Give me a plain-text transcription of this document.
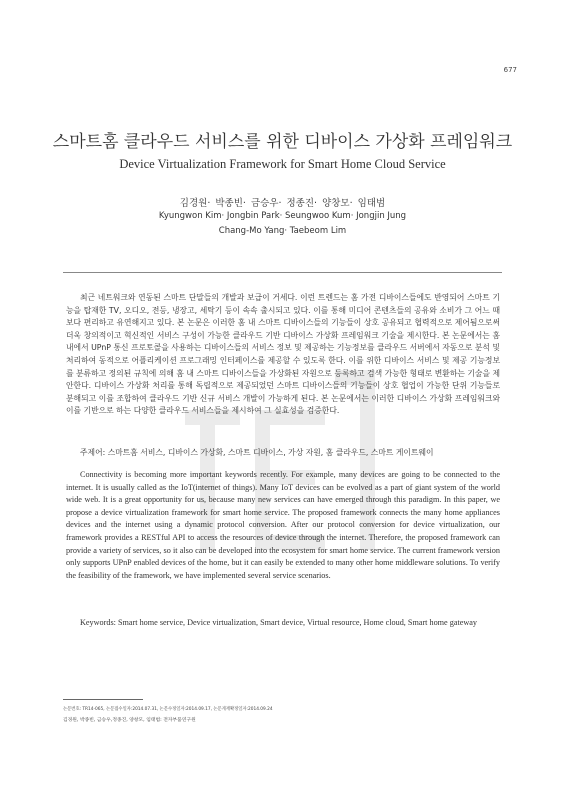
677
스마트홈 클라우드 서비스를 위한 디바이스 가상화 프레임워크
Device Virtualization Framework for Smart Home Cloud Service
김경원· 박종빈· 금승우· 정종진· 양창모· 임태범
Kyungwon Kim· Jongbin Park· Seungwoo Kum· Jongjin Jung
Chang-Mo Yang· Taebeom Lim
최근 네트워크와 연동된 스마트 단말들의 개발과 보급이 거세다. 이런 트렌드는 홈 가전 디바이스들에도 반영되어 스마트 기능을 탑재한 TV, 오디오, 전등, 냉장고, 세탁기 등이 속속 출시되고 있다. 이를 통해 미디어 콘텐츠들의 공유와 소비가 그 어느 때보다 편리하고 유연해지고 있다. 본 논문은 이러한 홈 내 스마트 디바이스들의 기능들이 상호 공유되고 협력적으로 제어됨으로써 더욱 창의적이고 혁신적인 서비스 구성이 가능한 클라우드 기반 디바이스 가상화 프레임워크 기술을 제시한다. 본 논문에서는 홈 내에서 UPnP 통신 프로토콜을 사용하는 디바이스들의 서비스 정보 및 제공하는 기능정보를 클라우드 서버에서 자동으로 분석 및 처리하여 동적으로 어플리케이션 프로그래밍 인터페이스를 제공할 수 있도록 한다. 이를 위한 디바이스 서비스 및 제공 기능정보를 분류하고 정의된 규칙에 의해 홈 내 스마트 디바이스들을 가상화된 자원으로 등록하고 검색 가능한 형태로 변환하는 기술을 제안한다. 디바이스 가상화 처리를 통해 독립적으로 제공되었던 스마트 디바이스들의 기능들이 상호 협업이 가능한 단위 기능들로 분해되고 이를 조합하여 클라우드 기반 신규 서비스 개발이 가능하게 된다. 본 논문에서는 이러한 디바이스 가상화 프레임워크와 이를 기반으로 하는 다양한 클라우드 서비스들을 제시하여 그 실효성을 검증한다.
주제어: 스마트홈 서비스, 디바이스 가상화, 스마트 디바이스, 가상 자원, 홈 클라우드, 스마트 게이트웨이
Connectivity is becoming more important keywords recently. For example, many devices are going to be connected to the internet. It is usually called as the IoT(internet of things). Many IoT devices can be evolved as a part of giant system of the world wide web. It is a great opportunity for us, because many new services can have emerged through this paradigm. In this paper, we propose a device virtualization framework for smart home service. The proposed framework connects the many home appliances devices and the internet using a dynamic protocol conversion. After our protocol conversion for device virtualization, our framework provides a RESTful API to access the resources of device through the internet. Therefore, the proposed framework can provide a variety of services, so it also can be developed into the ecosystem for smart home service. The current framework version only supports UPnP enabled devices of the home, but it can easily be extended to many other home middleware solutions. To verify the feasibility of the framework, we have implemented several service scenarios.
Keywords: Smart home service, Device virtualization, Smart device, Virtual resource, Home cloud, Smart home gateway
논문번호: TR14-065, 논문접수일자:2014.07.31, 논문수정일자:2014.09.17, 논문게재확정일자:2014.09.24
김경원, 박종빈, 금승우,정종진, 양창모, 임태범: 전자부품연구원
